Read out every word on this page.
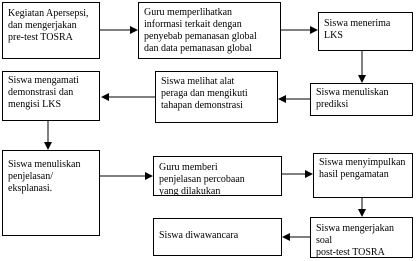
Kegiatan Apersepsi,
dan mengerjakan
pre-test TOSRA
Guru memperlihatkan
informasi terkait dengan
penyebab pemanasan global
dan data pemanasan global
Siswa menerima
LKS
Siswa mengamati
demonstrasi dan
mengisi LKS
Siswa melihat alat
peraga dan mengikuti
tahapan demonstrasi
Siswa menuliskan
prediksi
Siswa menuliskan
penjelasan/
eksplanasi.
Guru memberi
penjelasan percobaan
yang dilakukan
Siswa menyimpulkan
hasil pengamatan
Siswa diwawancara
Siswa mengerjakan soal
post-test TOSRA
